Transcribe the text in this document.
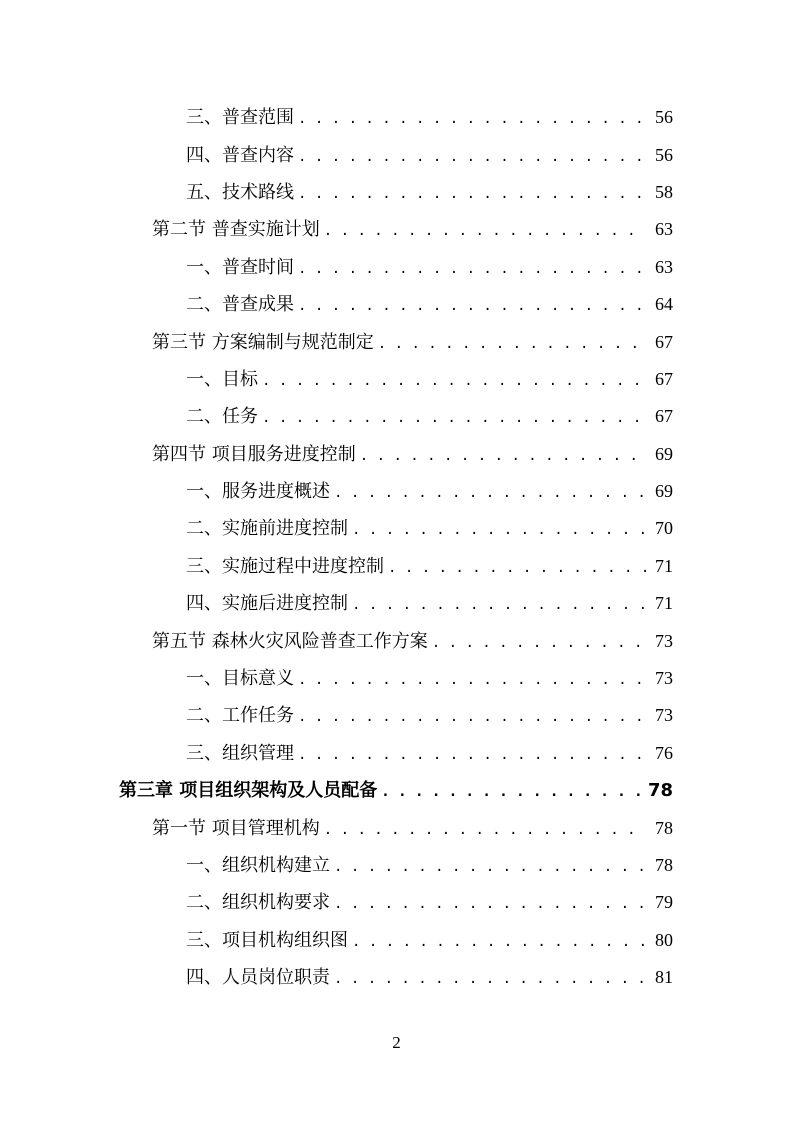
三、普查范围 . . .	56
四、普查内容 . . .	56
五、技术路线 . . .	58
第二节 普查实施计划 . . .	63
一、普查时间 . . .	63
二、普查成果 . . .	64
第三节 方案编制与规范制定 . . .	67
一、目标 . . .	67
二、任务 . . .	67
第四节 项目服务进度控制 . . .	69
一、服务进度概述 . . .	69
二、实施前进度控制 . . .	70
三、实施过程中进度控制 . . .	71
四、实施后进度控制 . . .	71
第五节 森林火灾风险普查工作方案 . . .	73
一、目标意义 . . .	73
二、工作任务 . . .	73
三、组织管理 . . .	76
第三章 项目组织架构及人员配备 . . .	78
第一节 项目管理机构 . . .	78
一、组织机构建立 . . .	78
二、组织机构要求 . . .	79
三、项目机构组织图 . . .	80
四、人员岗位职责 . . .	81
2
